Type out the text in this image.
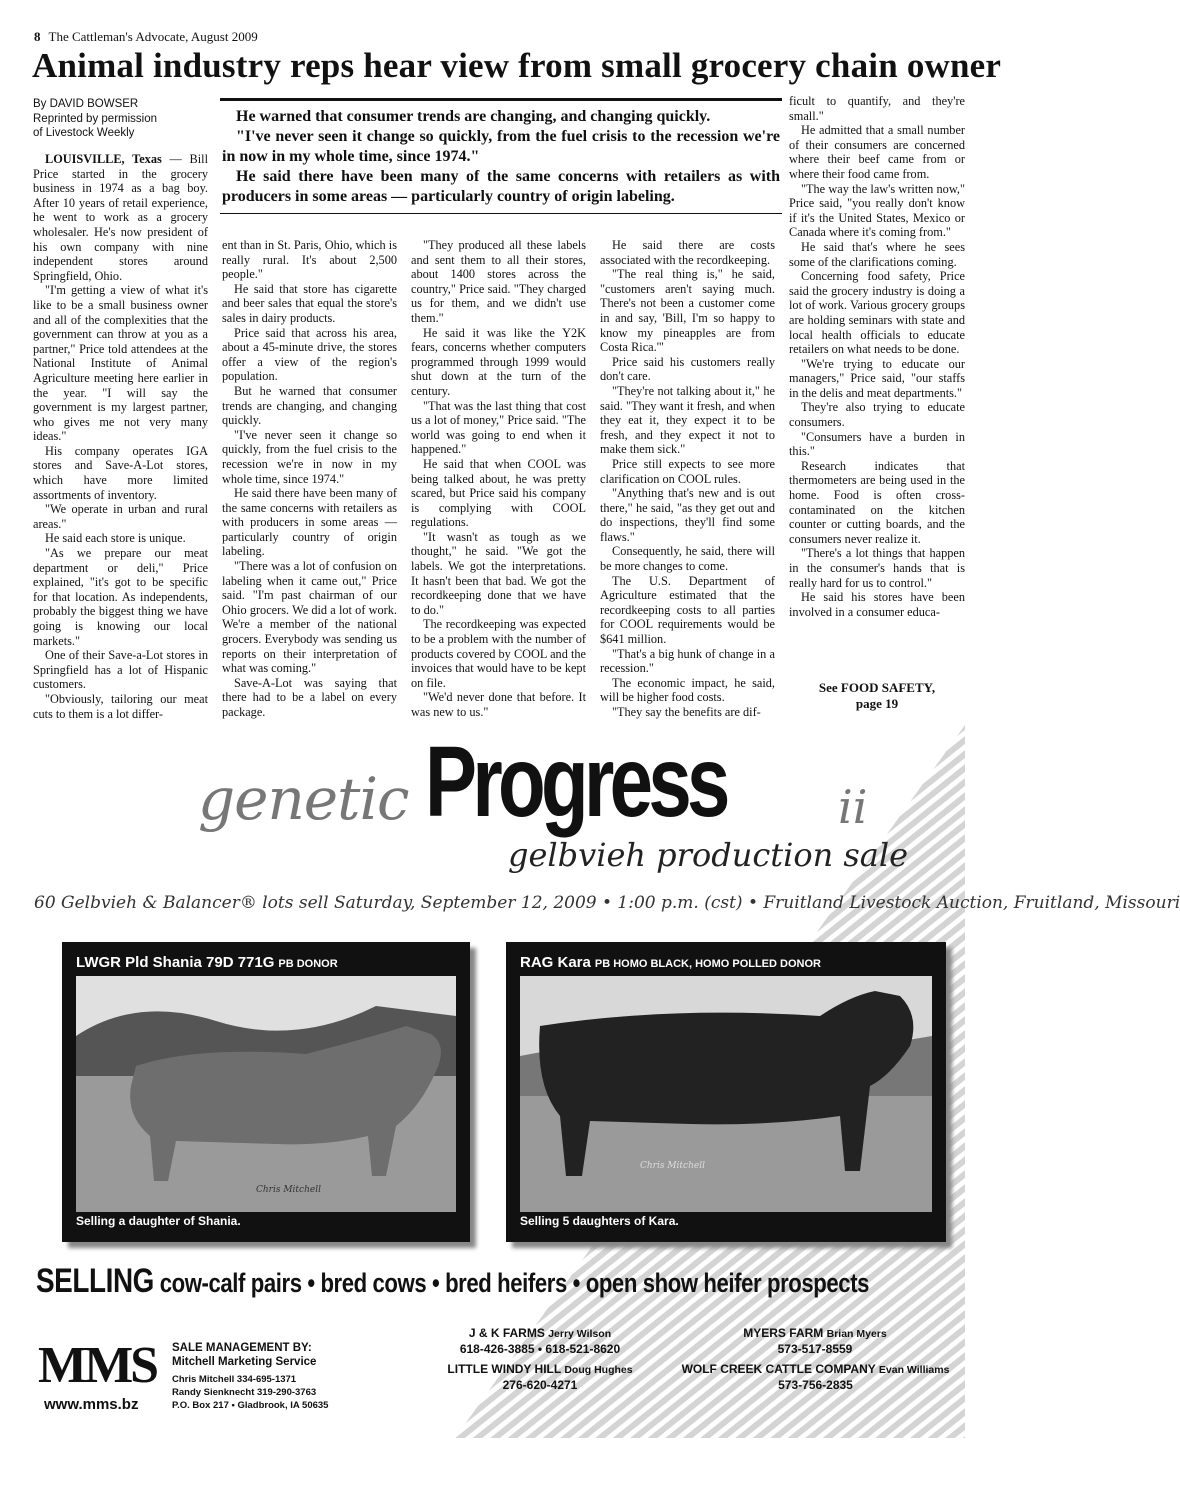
8 The Cattleman's Advocate, August 2009
Animal industry reps hear view from small grocery chain owner
By DAVID BOWSER
Reprinted by permission
of Livestock Weekly

He warned that consumer trends are changing, and changing quickly.

"I've never seen it change so quickly, from the fuel crisis to the recession we're in now in my whole time, since 1974."

He said there have been many of the same concerns with retailers as with producers in some areas — particularly country of origin labeling.

LOUISVILLE, Texas — Bill Price started in the grocery business in 1974 as a bag boy. After 10 years of retail experience, he went to work as a grocery wholesaler. He's now president of his own company with nine independent stores around Springfield, Ohio.

"I'm getting a view of what it's like to be a small business owner and all of the complexities that the government can throw at you as a partner," Price told attendees at the National Institute of Animal Agriculture meeting here earlier in the year. "I will say the government is my largest partner, who gives me not very many ideas."

His company operates IGA stores and Save-A-Lot stores, which have more limited assortments of inventory.

"We operate in urban and rural areas."

He said each store is unique.

"As we prepare our meat department or deli," Price explained, "it's got to be specific for that location. As independents, probably the biggest thing we have going is knowing our local markets."

One of their Save-a-Lot stores in Springfield has a lot of Hispanic customers.

"Obviously, tailoring our meat cuts to them is a lot differ-

ent than in St. Paris, Ohio, which is really rural. It's about 2,500 people."

He said that store has cigarette and beer sales that equal the store's sales in dairy products.

Price said that across his area, about a 45-minute drive, the stores offer a view of the region's population.

But he warned that consumer trends are changing, and changing quickly.

"I've never seen it change so quickly, from the fuel crisis to the recession we're in now in my whole time, since 1974."

He said there have been many of the same concerns with retailers as with producers in some areas — particularly country of origin labeling.

"There was a lot of confusion on labeling when it came out," Price said. "I'm past chairman of our Ohio grocers. We did a lot of work. We're a member of the national grocers. Everybody was sending us reports on their interpretation of what was coming."

Save-A-Lot was saying that there had to be a label on every package.

"They produced all these labels and sent them to all their stores, about 1400 stores across the country," Price said. "They charged us for them, and we didn't use them."

He said it was like the Y2K fears, concerns whether computers programmed through 1999 would shut down at the turn of the century.

"That was the last thing that cost us a lot of money," Price said. "The world was going to end when it happened."

He said that when COOL was being talked about, he was pretty scared, but Price said his company is complying with COOL regulations.

"It wasn't as tough as we thought," he said. "We got the labels. We got the interpretations. It hasn't been that bad. We got the recordkeeping done that we have to do."

The recordkeeping was expected to be a problem with the number of products covered by COOL and the invoices that would have to be kept on file.

"We'd never done that before. It was new to us."

He said there are costs associated with the recordkeeping.

"The real thing is," he said, "customers aren't saying much. There's not been a customer come in and say, 'Bill, I'm so happy to know my pineapples are from Costa Rica.'"

Price said his customers really don't care.

"They're not talking about it," he said. "They want it fresh, and when they eat it, they expect it to be fresh, and they expect it not to make them sick."

Price still expects to see more clarification on COOL rules.

"Anything that's new and is out there," he said, "as they get out and do inspections, they'll find some flaws."

Consequently, he said, there will be more changes to come.

The U.S. Department of Agriculture estimated that the recordkeeping costs to all parties for COOL requirements would be $641 million.

"That's a big hunk of change in a recession."

The economic impact, he said, will be higher food costs.

"They say the benefits are dif-

ficult to quantify, and they're small."

He admitted that a small number of their consumers are concerned where their beef came from or where their food came from.

"The way the law's written now," Price said, "you really don't know if it's the United States, Mexico or Canada where it's coming from."

He said that's where he sees some of the clarifications coming.

Concerning food safety, Price said the grocery industry is doing a lot of work. Various grocery groups are holding seminars with state and local health officials to educate retailers on what needs to be done.

"We're trying to educate our managers," Price said, "our staffs in the delis and meat departments."

They're also trying to educate consumers.

"Consumers have a burden in this."

Research indicates that thermometers are being used in the home. Food is often cross-contaminated on the kitchen counter or cutting boards, and the consumers never realize it.

"There's a lot things that happen in the consumer's hands that is really hard for us to control."

He said his stores have been involved in a consumer educa-

See FOOD SAFETY,
page 19
genetic Progress ii
gelbvieh production sale
60 Gelbvieh & Balancer® lots sell Saturday, September 12, 2009 • 1:00 p.m. (cst) • Fruitland Livestock Auction, Fruitland, Missouri
Chris Mitchell
LWGR Pld Shania 79D 771G PB DONOR
Selling a daughter of Shania.
Chris Mitchell
RAG Kara PB HOMO BLACK, HOMO POLLED DONOR
Selling 5 daughters of Kara.
SELLING cow-calf pairs • bred cows • bred heifers • open show heifer prospects
MMS
www.mms.bz
SALE MANAGEMENT BY:
Mitchell Marketing Service
Chris Mitchell 334-695-1371
Randy Sienknecht 319-290-3763
P.O. Box 217 • Gladbrook, IA 50635
J & K FARMS Jerry Wilson
618-426-3885 • 618-521-8620
MYERS FARM Brian Myers
573-517-8559
LITTLE WINDY HILL Doug Hughes
276-620-4271
WOLF CREEK CATTLE COMPANY Evan Williams
573-756-2835
